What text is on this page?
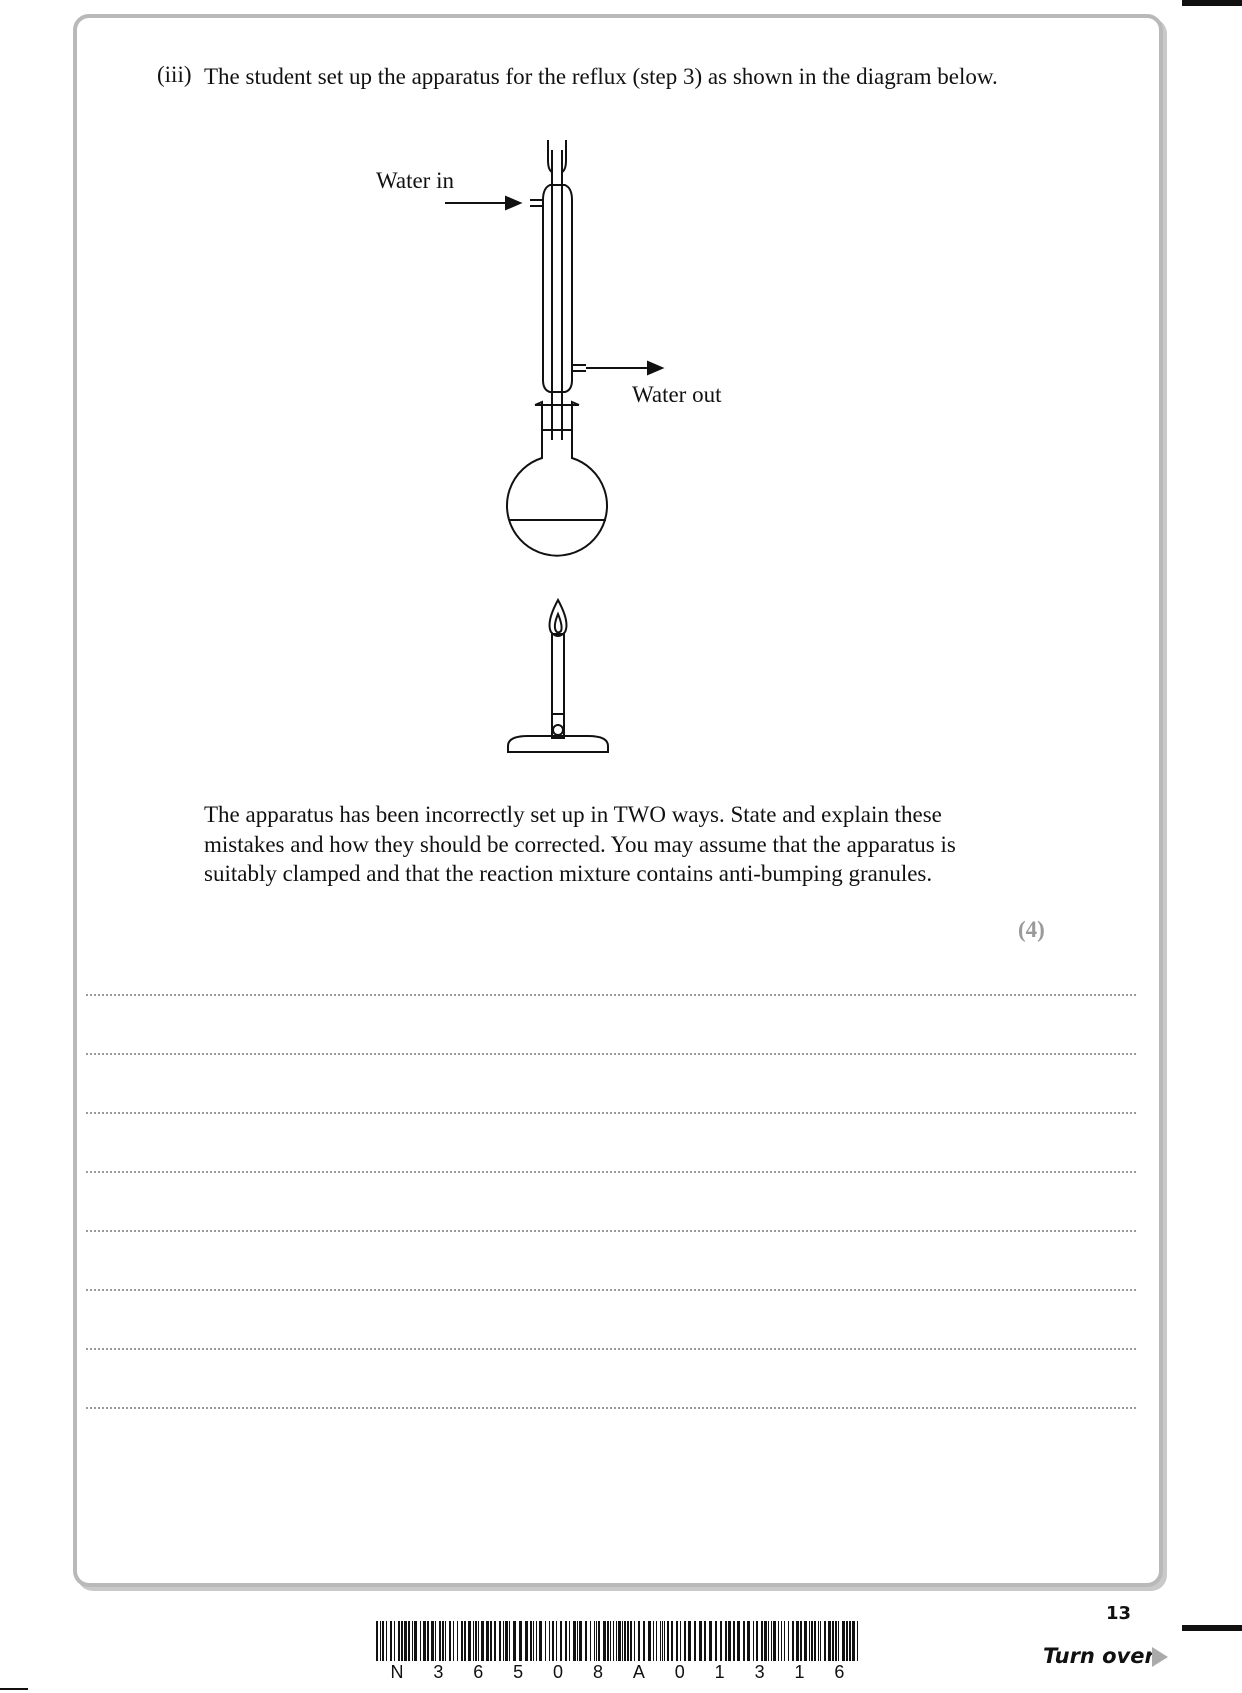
(iii) The student set up the apparatus for the reflux (step 3) as shown in the diagram below.
Water in
Water out
The apparatus has been incorrectly set up in TWO ways. State and explain these mistakes and how they should be corrected. You may assume that the apparatus is suitably clamped and that the reaction mixture contains anti-bumping granules.
(4)
13
Turn over
N 3 6 5 0 8 A 0 1 3 1 6
